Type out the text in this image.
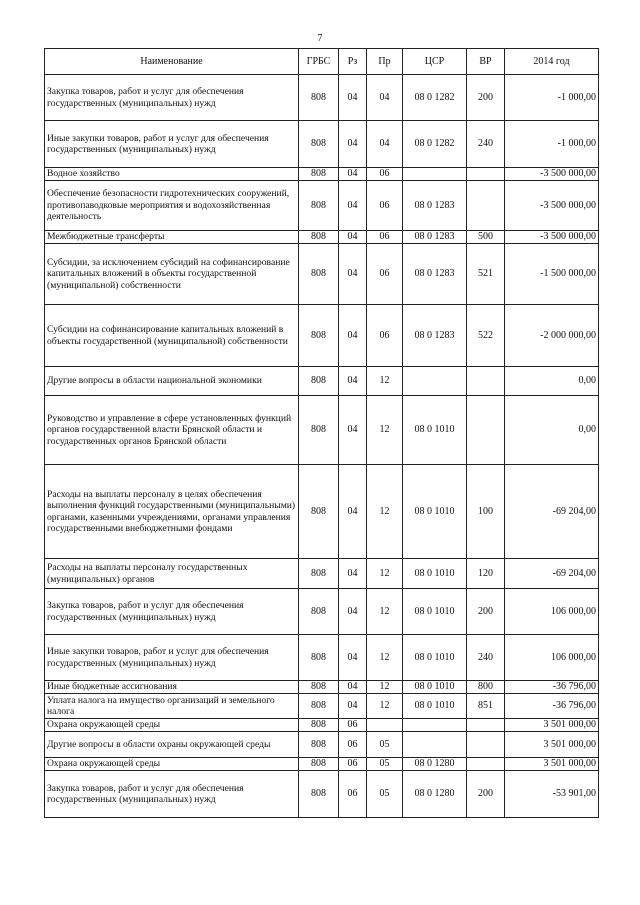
7
Наименование	ГРБС	Рз	Пр	ЦСР	ВР	2014 год
Закупка товаров, работ и услуг для обеспечения государственных (муниципальных) нужд	808	04	04	08 0 1282	200	-1 000,00
Иные закупки товаров, работ и услуг для обеспечения государственных (муниципальных) нужд	808	04	04	08 0 1282	240	-1 000,00
Водное хозяйство	808	04	06			-3 500 000,00
Обеспечение безопасности гидротехнических сооружений, противопаводковые мероприятия и водохозяйственная деятельность	808	04	06	08 0 1283		-3 500 000,00
Межбюджетные трансферты	808	04	06	08 0 1283	500	-3 500 000,00
Субсидии, за исключением субсидий на софинансирование капитальных вложений в объекты государственной (муниципальной) собственности	808	04	06	08 0 1283	521	-1 500 000,00
Субсидии на софинансирование капитальных вложений в объекты государственной (муниципальной) собственности	808	04	06	08 0 1283	522	-2 000 000,00
Другие вопросы в области национальной экономики	808	04	12			0,00
Руководство и управление в сфере установленных функций органов государственной власти Брянской области и государственных органов Брянской области	808	04	12	08 0 1010		0,00
Расходы на выплаты персоналу в целях обеспечения выполнения функций государственными (муниципальными) органами, казенными учреждениями, органами управления государственными внебюджетными фондами	808	04	12	08 0 1010	100	-69 204,00
Расходы на выплаты персоналу государственных (муниципальных) органов	808	04	12	08 0 1010	120	-69 204,00
Закупка товаров, работ и услуг для обеспечения государственных (муниципальных) нужд	808	04	12	08 0 1010	200	106 000,00
Иные закупки товаров, работ и услуг для обеспечения государственных (муниципальных) нужд	808	04	12	08 0 1010	240	106 000,00
Иные бюджетные ассигнования	808	04	12	08 0 1010	800	-36 796,00
Уплата налога на имущество организаций и земельного налога	808	04	12	08 0 1010	851	-36 796,00
Охрана окружающей среды	808	06				3 501 000,00
Другие вопросы в области охраны окружающей среды	808	06	05			3 501 000,00
Охрана окружающей среды	808	06	05	08 0 1280		3 501 000,00
Закупка товаров, работ и услуг для обеспечения государственных (муниципальных) нужд	808	06	05	08 0 1280	200	-53 901,00
